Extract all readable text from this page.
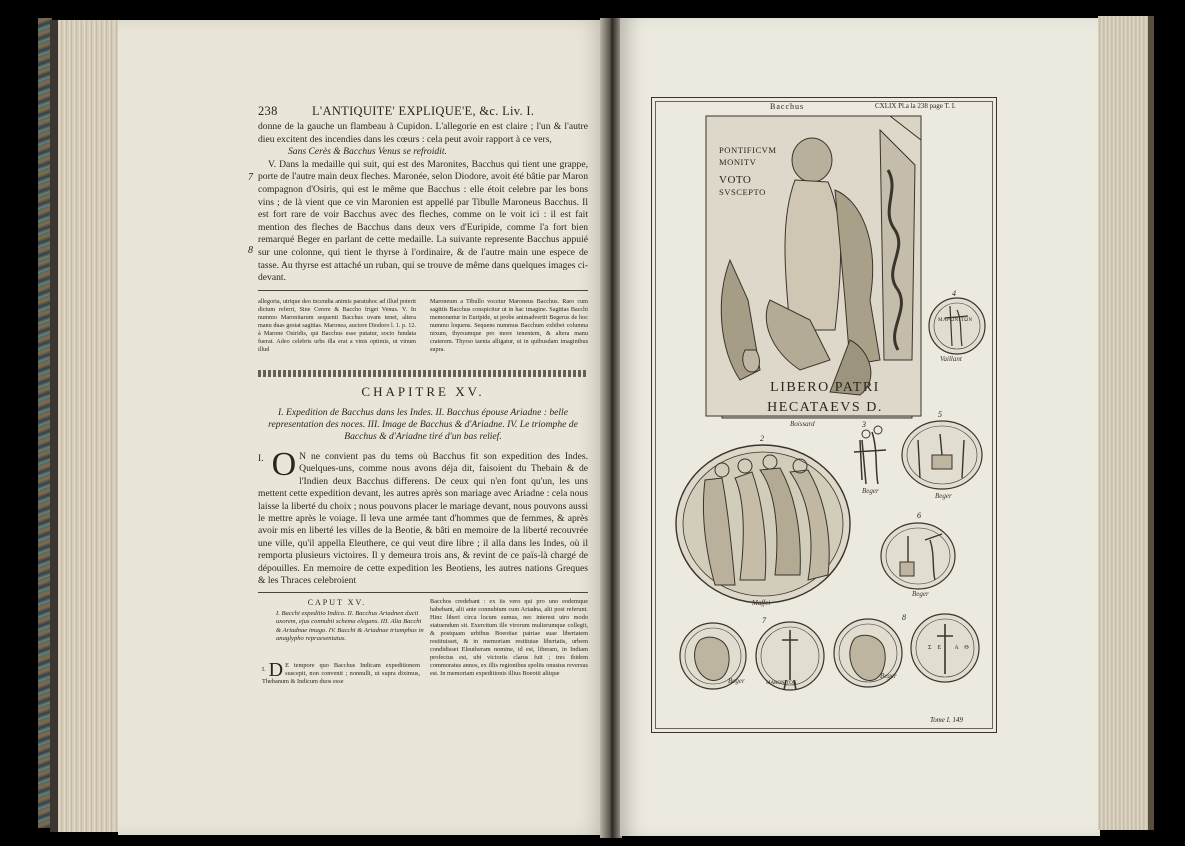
238	L'ANTIQUITE' EXPLIQUE'E, &c. Liv. I.

donne de la gauche un flambeau à Cupidon. L'allegorie en est claire ; l'un & l'autre dieu excitent des incendies dans les cœurs : cela peut avoir rapport à ce vers,

Sans Cerès & Bacchus Venus se refroidit.

V. Dans la medaille qui suit, qui est des Maronites, Bacchus qui tient une grappe, porte de l'autre main deux fleches. Maronée, selon Diodore, avoit été bâtie par Maron compagnon d'Osiris, qui est le même que Bacchus : elle étoit celebre par les bons vins ; de là vient que ce vin Maronien est appellé par Tibulle Maroneus Bacchus. Il est fort rare de voir Bacchus avec des fleches, comme on le voit ici : il est fait mention des fleches de Bacchus dans deux vers d'Euripide, comme l'a fort bien remarqué Beger en parlant de cette medaille. La suivante represente Bacchus appuié sur une colonne, qui tient le thyrse à l'ordinaire, & de l'autre main une espece de tasse. Au thyrse est attaché un ruban, qui se trouve de même dans quelques images ci-devant.

7
8
allegoria, utrique deo incendia animis paratuhoc ad illud poterit dictum referri, Sine Cerere & Baccho friget Venus. V. In nummo Maronitarum sequenti Bacchus uvam tenet, altera manu duas gestat sagittas. Maronea, auctore Diodoro l. 1. p. 12. à Marone Osiridis, qui Bacchus esse putatur, socio fundata fuerat. Adeo celebris urbs illa erat a vinis optimis, ut vinum illud
Maroneum a Tibullo vocetur Maroneus Bacchus. Raro cum sagittis Bacchus conspicitur ut in hac imagine. Sagittas Bacchi memorantur in Euripide, ut probe animadvertit Begerus de hoc nummo loquens. Sequens nummus Bacchum exhibet columna nixum, thyrsumque pro more tenentem, & altera manu craterem. Thyrso taenia alligatur, ut in quibusdam imaginibus supra.
CHAPITRE XV.
I. Expedition de Bacchus dans les Indes. II. Bacchus épouse Ariadne : belle representation des noces. III. Image de Bacchus & d'Ariadne. IV. Le triomphe de Bacchus & d'Ariadne tiré d'un bas relief.
I. O N ne convient pas du tems où Bacchus fit son expedition des Indes. Quelques-uns, comme nous avons déja dit, faisoient du Thebain & de l'Indien deux Bacchus differens. De ceux qui n'en font qu'un, les uns mettent cette expedition devant, les autres après son mariage avec Ariadne : cela nous laisse la liberté du choix ; nous pouvons placer le mariage devant, nous pouvons aussi le mettre après le voiage. Il leva une armée tant d'hommes que de femmes, & après avoir mis en liberté les villes de la Beotie, & bâti en memoire de la liberté recouvrée une ville, qu'il appella Eleuthere, ce qui veut dire libre ; il alla dans les Indes, où il remporta plusieurs victoires. Il y demeura trois ans, & revint de ce païs-là chargé de dépouilles. En memoire de cette expedition les Beotiens, les autres nations Greques & les Thraces celebroient
CAPUT XV.
I. Bacchi expeditio Indica. II. Bacchus Ariadnen ducit uxorem, ejus connubii schema elegans. III. Alia Bacchi & Ariadnae imago. IV. Bacchi & Ariadnae triumphus in anaglypho repraesentatus.
I. D E tempore quo Bacchus Indicam expeditionem suscepit, non convenit ; nonnulli, ut supra diximus, Thebanum & Indicum duos esse
Bacchos credebant : ex iis vero qui pro uno eodemque habebant, alii ante connubium cum Ariadna, alii post referunt. Hinc liberi circa locum sumus, nec interest utro modo statuendum sit. Exercitum ille virorum mulierumque collegit, & postquam urbibus Boeotiae patriae suae libertatem restituisset, & in memoriam restitutae libertatis, urbem condidisset Eleutheram nomine, id est, liberam, in Indiam profectus est, ubi victoriis clarus fuit ; tres ibidem commoratus annos, ex illis regionibus spoliis onustus reversus est. In memoriam expeditionis illius Boeotii aliique
Bacchus	CXLIX Pl.a la 238 page T. I.
PONTIFICVM
MONITV
VOTO
SVSCEPTO
LIBERO PATRI
HECATAEVS D.
ΜΑΡΩΝΙΤΩΝ
MARONITON
ΣΕ ΑΘ
4
2
3
5
6
7	8
Boissard
Vaillant
Beger
Beger
Maffei
Beger
Beger
Beger
Tome I. 149
